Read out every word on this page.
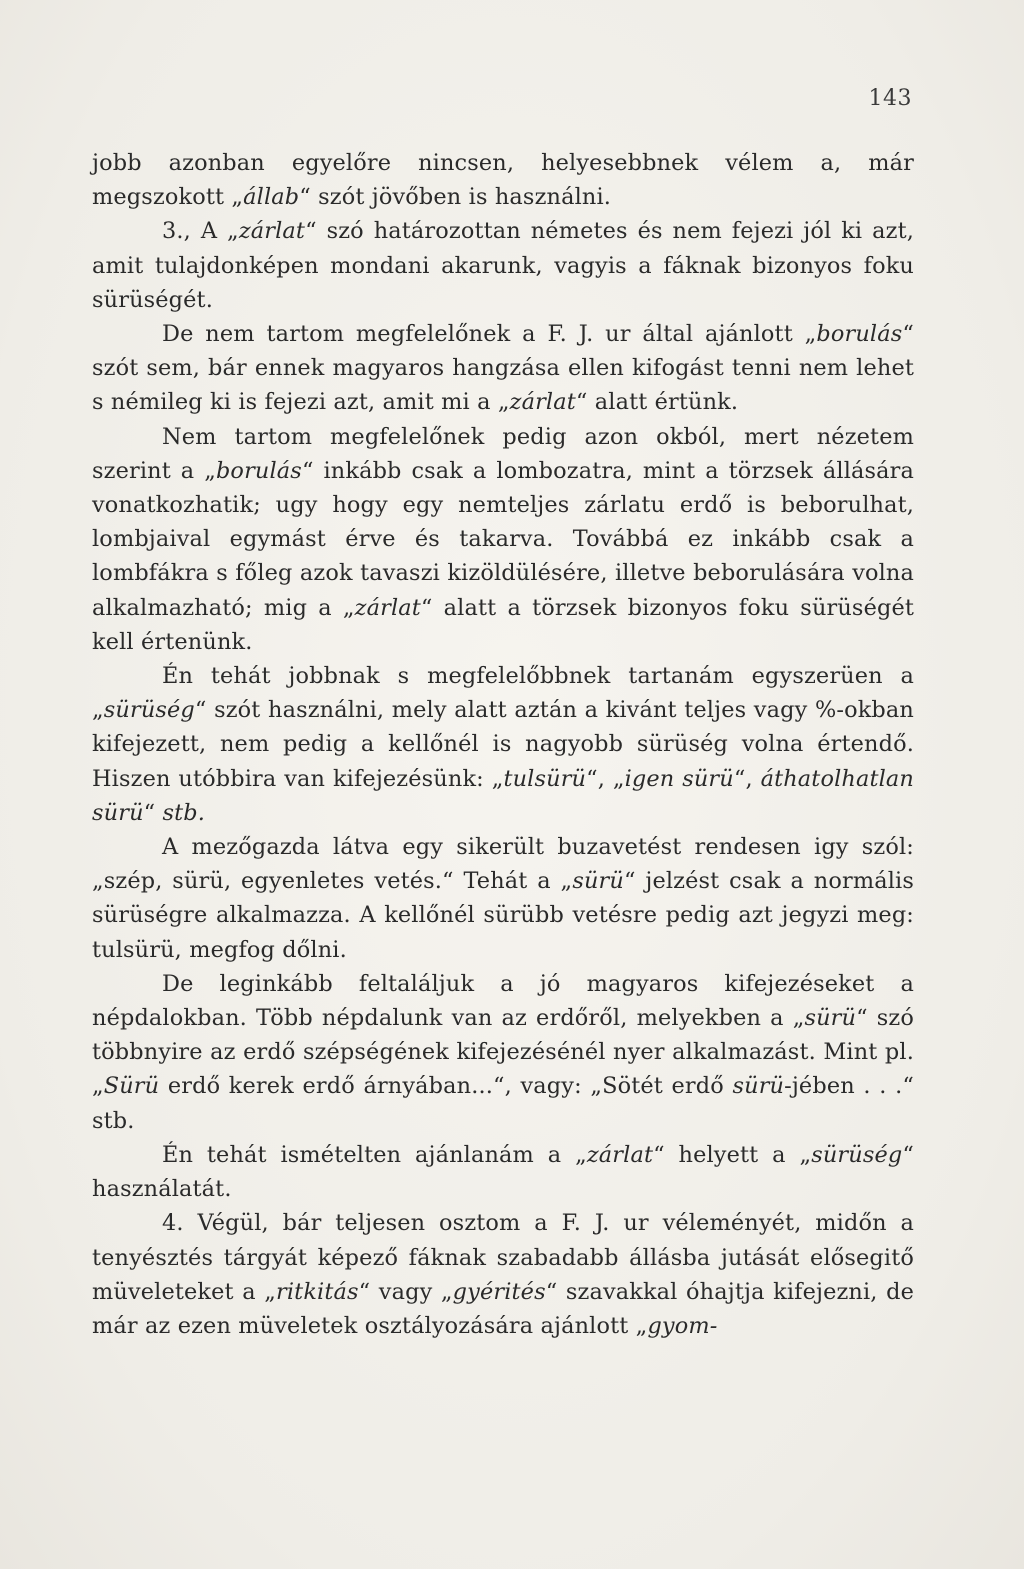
143

jobb azonban egyelőre nincsen, helyesebbnek vélem a, már megszokott „állab“ szót jövőben is használni.

3., A „zárlat“ szó határozottan németes és nem fejezi jól ki azt, amit tulajdonképen mondani akarunk, vagyis a fáknak bizonyos foku sürüségét.

De nem tartom megfelelőnek a F. J. ur által ajánlott „borulás“ szót sem, bár ennek magyaros hangzása ellen kifogást tenni nem lehet s némileg ki is fejezi azt, amit mi a „zárlat“ alatt értünk.

Nem tartom megfelelőnek pedig azon okból, mert nézetem szerint a „borulás“ inkább csak a lombozatra, mint a törzsek állására vonatkozhatik; ugy hogy egy nemteljes zárlatu erdő is beborulhat, lombjaival egymást érve és takarva. Továbbá ez inkább csak a lombfákra s főleg azok tavaszi kizöldülésére, illetve beborulására volna alkalmazható; mig a „zárlat“ alatt a törzsek bizonyos foku sürüségét kell értenünk.

Én tehát jobbnak s megfelelőbbnek tartanám egyszerüen a „sürüség“ szót használni, mely alatt aztán a kivánt teljes vagy %-okban kifejezett, nem pedig a kellőnél is nagyobb sürüség volna értendő. Hiszen utóbbira van kifejezésünk: „tulsürü“, „igen sürü“, áthatolhatlan sürü“ stb.

A mezőgazda látva egy sikerült buzavetést rendesen igy szól: „szép, sürü, egyenletes vetés.“ Tehát a „sürü“ jelzést csak a normális sürüségre alkalmazza. A kellőnél sürübb vetésre pedig azt jegyzi meg: tulsürü, megfog dőlni.

De leginkább feltaláljuk a jó magyaros kifejezéseket a népdalokban. Több népdalunk van az erdőről, melyekben a „sürü“ szó többnyire az erdő szépségének kifejezésénél nyer alkalmazást. Mint pl. „Sürü erdő kerek erdő árnyában...“, vagy: „Sötét erdő sürü-jében . . .“ stb.

Én tehát ismételten ajánlanám a „zárlat“ helyett a „sürüség“ használatát.

4. Végül, bár teljesen osztom a F. J. ur véleményét, midőn a tenyésztés tárgyát képező fáknak szabadabb állásba jutását elősegitő müveleteket a „ritkitás“ vagy „gyérités“ szavakkal óhajtja kifejezni, de már az ezen müveletek osztályozására ajánlott „gyom-
